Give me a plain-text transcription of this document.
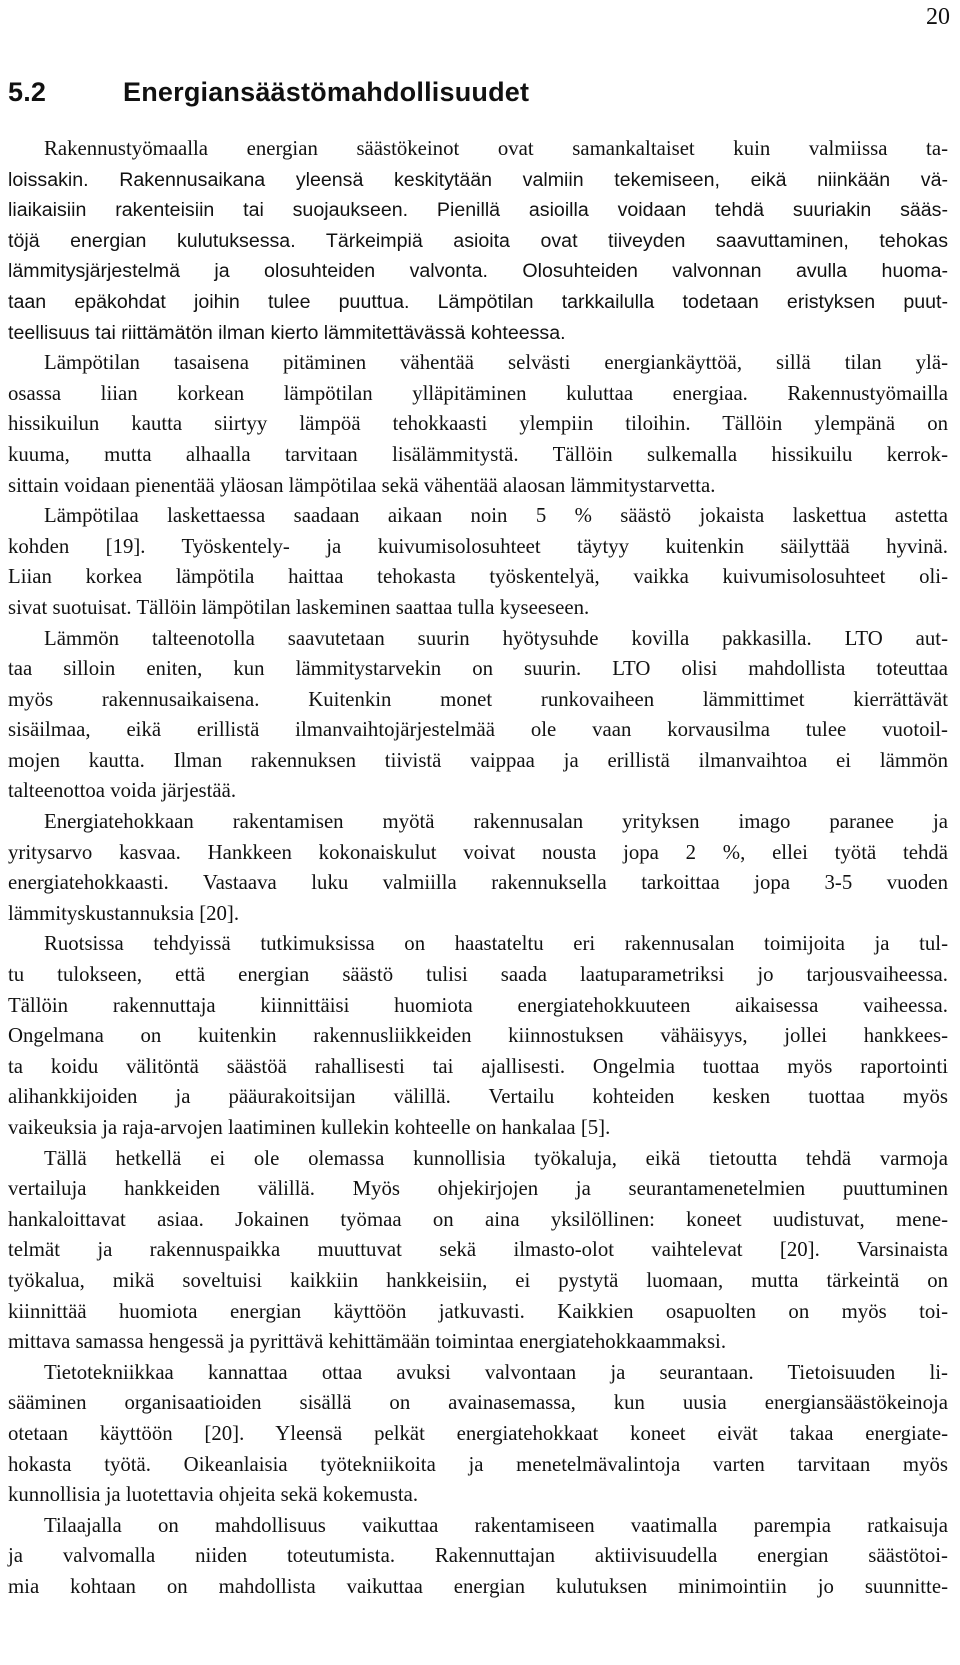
20
5.2	Energiansäästömahdollisuudet
Rakennustyömaalla energian säästökeinot ovat samankaltaiset kuin valmiissa ta-
loissakin. Rakennusaikana yleensä keskitytään valmiin tekemiseen, eikä niinkään vä-
liaikaisiin rakenteisiin tai suojaukseen. Pienillä asioilla voidaan tehdä suuriakin sääs-
töjä energian kulutuksessa. Tärkeimpiä asioita ovat tiiveyden saavuttaminen, tehokas
lämmitysjärjestelmä ja olosuhteiden valvonta. Olosuhteiden valvonnan avulla huoma-
taan epäkohdat joihin tulee puuttua. Lämpötilan tarkkailulla todetaan eristyksen puut-
teellisuus tai riittämätön ilman kierto lämmitettävässä kohteessa.
Lämpötilan tasaisena pitäminen vähentää selvästi energiankäyttöä, sillä tilan ylä-
osassa liian korkean lämpötilan ylläpitäminen kuluttaa energiaa. Rakennustyömailla
hissikuilun kautta siirtyy lämpöä tehokkaasti ylempiin tiloihin. Tällöin ylempänä on
kuuma, mutta alhaalla tarvitaan lisälämmitystä. Tällöin sulkemalla hissikuilu kerrok-
sittain voidaan pienentää yläosan lämpötilaa sekä vähentää alaosan lämmitystarvetta.
Lämpötilaa laskettaessa saadaan aikaan noin 5 % säästö jokaista laskettua astetta
kohden [19]. Työskentely- ja kuivumisolosuhteet täytyy kuitenkin säilyttää hyvinä.
Liian korkea lämpötila haittaa tehokasta työskentelyä, vaikka kuivumisolosuhteet oli-
sivat suotuisat. Tällöin lämpötilan laskeminen saattaa tulla kyseeseen.
Lämmön talteenotolla saavutetaan suurin hyötysuhde kovilla pakkasilla. LTO aut-
taa silloin eniten, kun lämmitystarvekin on suurin. LTO olisi mahdollista toteuttaa
myös rakennusaikaisena. Kuitenkin monet runkovaiheen lämmittimet kierrättävät
sisäilmaa, eikä erillistä ilmanvaihtojärjestelmää ole vaan korvausilma tulee vuotoil-
mojen kautta. Ilman rakennuksen tiivistä vaippaa ja erillistä ilmanvaihtoa ei lämmön
talteenottoa voida järjestää.
Energiatehokkaan rakentamisen myötä rakennusalan yrityksen imago paranee ja
yritysarvo kasvaa. Hankkeen kokonaiskulut voivat nousta jopa 2 %, ellei työtä tehdä
energiatehokkaasti. Vastaava luku valmiilla rakennuksella tarkoittaa jopa 3-5 vuoden
lämmityskustannuksia [20].
Ruotsissa tehdyissä tutkimuksissa on haastateltu eri rakennusalan toimijoita ja tul-
tu tulokseen, että energian säästö tulisi saada laatuparametriksi jo tarjousvaiheessa.
Tällöin rakennuttaja kiinnittäisi huomiota energiatehokkuuteen aikaisessa vaiheessa.
Ongelmana on kuitenkin rakennusliikkeiden kiinnostuksen vähäisyys, jollei hankkees-
ta koidu välitöntä säästöä rahallisesti tai ajallisesti. Ongelmia tuottaa myös raportointi
alihankkijoiden ja pääurakoitsijan välillä. Vertailu kohteiden kesken tuottaa myös
vaikeuksia ja raja-arvojen laatiminen kullekin kohteelle on hankalaa [5].
Tällä hetkellä ei ole olemassa kunnollisia työkaluja, eikä tietoutta tehdä varmoja
vertailuja hankkeiden välillä. Myös ohjekirjojen ja seurantamenetelmien puuttuminen
hankaloittavat asiaa. Jokainen työmaa on aina yksilöllinen: koneet uudistuvat, mene-
telmät ja rakennuspaikka muuttuvat sekä ilmasto-olot vaihtelevat [20]. Varsinaista
työkalua, mikä soveltuisi kaikkiin hankkeisiin, ei pystytä luomaan, mutta tärkeintä on
kiinnittää huomiota energian käyttöön jatkuvasti. Kaikkien osapuolten on myös toi-
mittava samassa hengessä ja pyrittävä kehittämään toimintaa energiatehokkaammaksi.
Tietotekniikkaa kannattaa ottaa avuksi valvontaan ja seurantaan. Tietoisuuden li-
sääminen organisaatioiden sisällä on avainasemassa, kun uusia energiansäästökeinoja
otetaan käyttöön [20]. Yleensä pelkät energiatehokkaat koneet eivät takaa energiate-
hokasta työtä. Oikeanlaisia työtekniikoita ja menetelmävalintoja varten tarvitaan myös
kunnollisia ja luotettavia ohjeita sekä kokemusta.
Tilaajalla on mahdollisuus vaikuttaa rakentamiseen vaatimalla parempia ratkaisuja
ja valvomalla niiden toteutumista. Rakennuttajan aktiivisuudella energian säästötoi-
mia kohtaan on mahdollista vaikuttaa energian kulutuksen minimointiin jo suunnitte-
